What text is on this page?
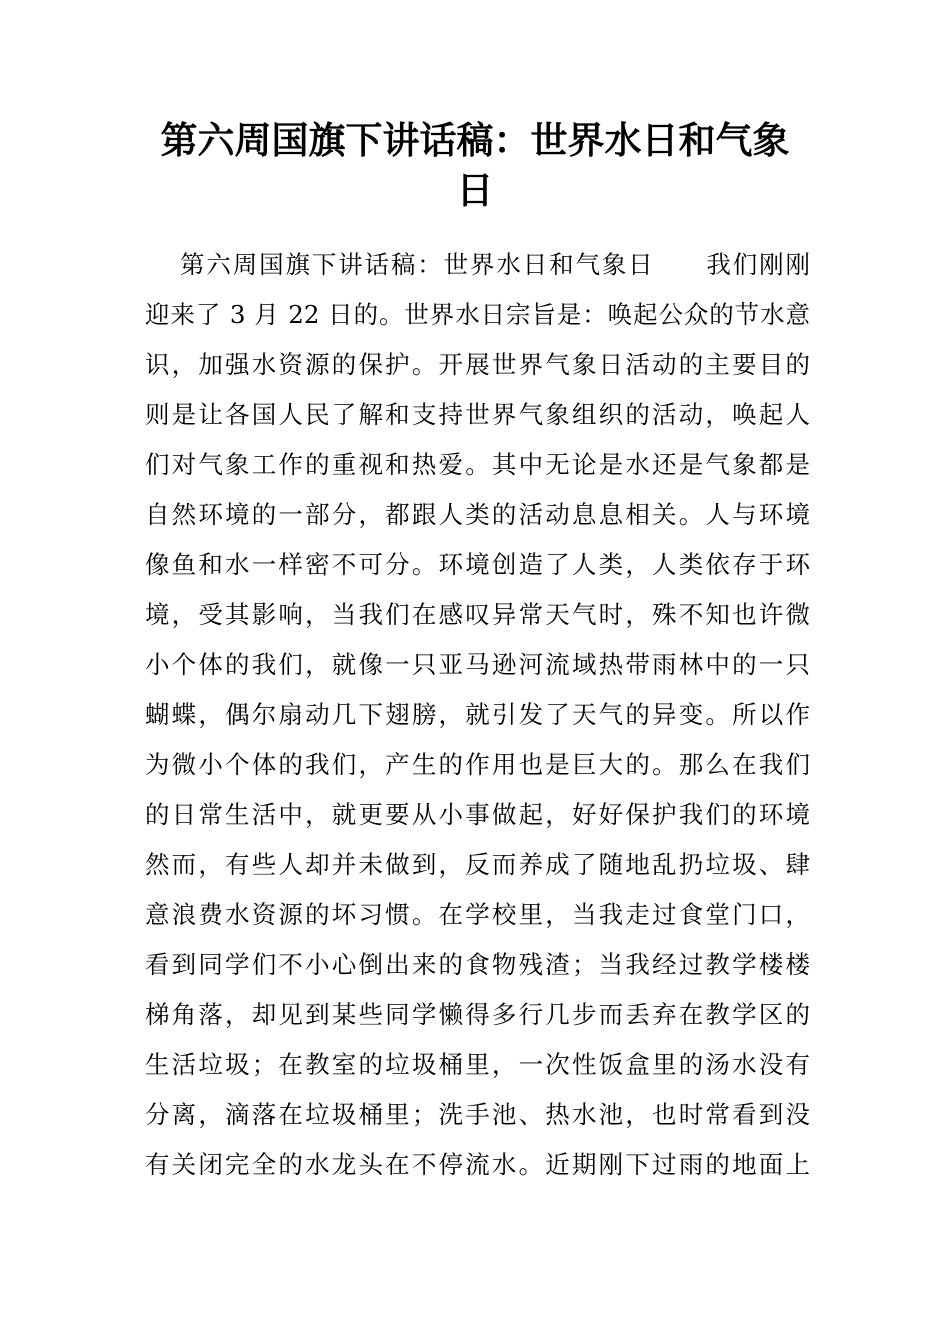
第六周国旗下讲话稿：世界水日和气象
日
第六周国旗下讲话稿：世界水日和气象日 我们刚刚
迎来了 3 月 22 日的。世界水日宗旨是：唤起公众的节水意
识，加强水资源的保护。开展世界气象日活动的主要目的
则是让各国人民了解和支持世界气象组织的活动，唤起人
们对气象工作的重视和热爱。其中无论是水还是气象都是
自然环境的一部分，都跟人类的活动息息相关。人与环境
像鱼和水一样密不可分。环境创造了人类，人类依存于环
境，受其影响，当我们在感叹异常天气时，殊不知也许微
小个体的我们，就像一只亚马逊河流域热带雨林中的一只
蝴蝶，偶尔扇动几下翅膀，就引发了天气的异变。所以作
为微小个体的我们，产生的作用也是巨大的。那么在我们
的日常生活中，就更要从小事做起，好好保护我们的环境
然而，有些人却并未做到，反而养成了随地乱扔垃圾、肆
意浪费水资源的坏习惯。在学校里，当我走过食堂门口，
看到同学们不小心倒出来的食物残渣；当我经过教学楼楼
梯角落，却见到某些同学懒得多行几步而丢弃在教学区的
生活垃圾；在教室的垃圾桶里，一次性饭盒里的汤水没有
分离，滴落在垃圾桶里；洗手池、热水池，也时常看到没
有关闭完全的水龙头在不停流水。近期刚下过雨的地面上
